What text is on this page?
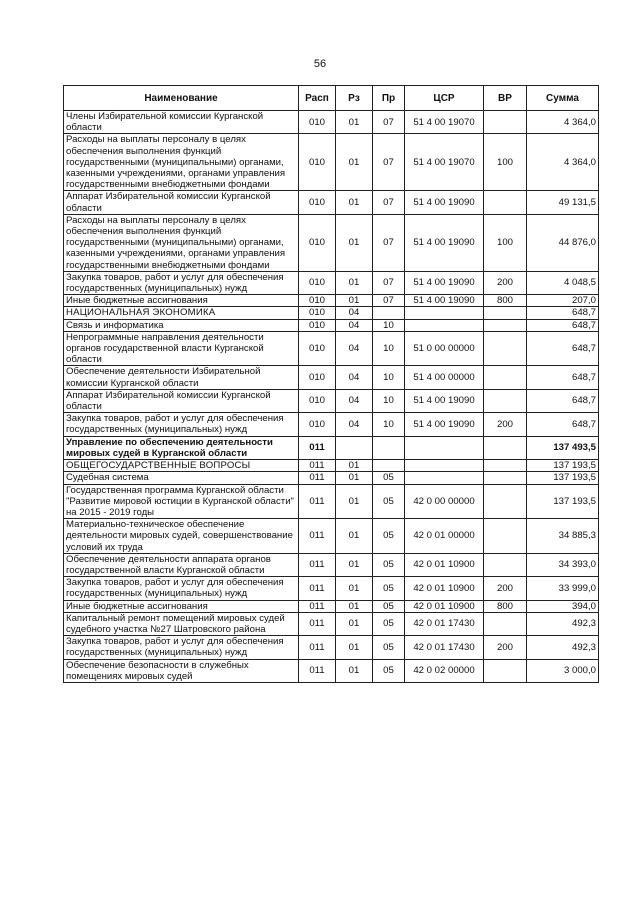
56
Наименование	Расп	Рз	Пр	ЦСР	ВР	Сумма
Члены Избирательной комиссии Курганской области	010	01	07	51 4 00 19070		4 364,0
Расходы на выплаты персоналу в целях обеспечения выполнения функций государственными (муниципальными) органами, казенными учреждениями, органами управления государственными внебюджетными фондами	010	01	07	51 4 00 19070	100	4 364,0
Аппарат Избирательной комиссии Курганской области	010	01	07	51 4 00 19090		49 131,5
Расходы на выплаты персоналу в целях обеспечения выполнения функций государственными (муниципальными) органами, казенными учреждениями, органами управления государственными внебюджетными фондами	010	01	07	51 4 00 19090	100	44 876,0
Закупка товаров, работ и услуг для обеспечения государственных (муниципальных) нужд	010	01	07	51 4 00 19090	200	4 048,5
Иные бюджетные ассигнования	010	01	07	51 4 00 19090	800	207,0
НАЦИОНАЛЬНАЯ ЭКОНОМИКА	010	04				648,7
Связь и информатика	010	04	10			648,7
Непрограммные направления деятельности органов государственной власти Курганской области	010	04	10	51 0 00 00000		648,7
Обеспечение деятельности Избирательной комиссии Курганской области	010	04	10	51 4 00 00000		648,7
Аппарат Избирательной комиссии Курганской области	010	04	10	51 4 00 19090		648,7
Закупка товаров, работ и услуг для обеспечения государственных (муниципальных) нужд	010	04	10	51 4 00 19090	200	648,7
Управление по обеспечению деятельности мировых судей в Курганской области	011					137 493,5
ОБЩЕГОСУДАРСТВЕННЫЕ ВОПРОСЫ	011	01				137 193,5
Судебная система	011	01	05			137 193,5
Государственная программа Курганской области "Развитие мировой юстиции в Курганской области" на 2015 - 2019 годы	011	01	05	42 0 00 00000		137 193,5
Материально-техническое обеспечение деятельности мировых судей, совершенствование условий их труда	011	01	05	42 0 01 00000		34 885,3
Обеспечение деятельности аппарата органов государственной власти Курганской области	011	01	05	42 0 01 10900		34 393,0
Закупка товаров, работ и услуг для обеспечения государственных (муниципальных) нужд	011	01	05	42 0 01 10900	200	33 999,0
Иные бюджетные ассигнования	011	01	05	42 0 01 10900	800	394,0
Капитальный ремонт помещений мировых судей судебного участка №27 Шатровского района	011	01	05	42 0 01 17430		492,3
Закупка товаров, работ и услуг для обеспечения государственных (муниципальных) нужд	011	01	05	42 0 01 17430	200	492,3
Обеспечение безопасности в служебных помещениях мировых судей	011	01	05	42 0 02 00000		3 000,0
